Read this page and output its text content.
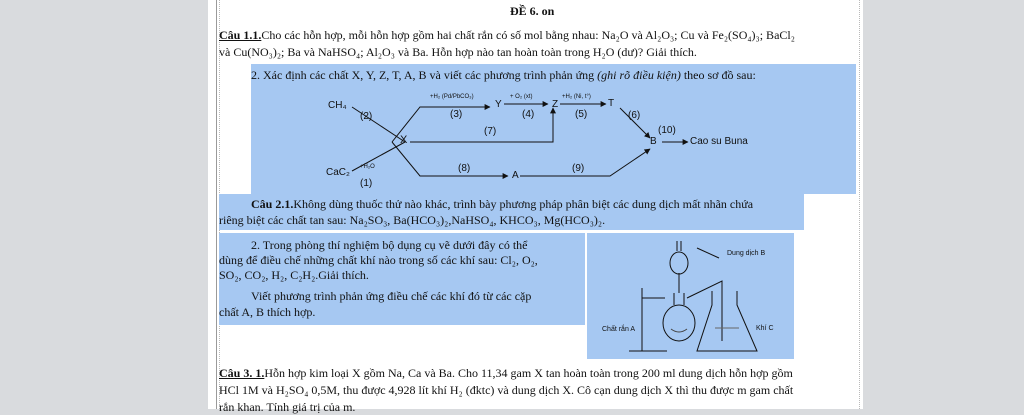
ĐỀ 6. on
Câu 1.1.Cho các hỗn hợp, mỗi hỗn hợp gồm hai chất rắn có số mol bằng nhau: Na₂O và Al₂O₃; Cu và Fe₂(SO₄)₃; BaCl₂
và Cu(NO₃)₂; Ba và NaHSO₄; Al₂O₃ và Ba. Hỗn hợp nào tan hoàn toàn trong H₂O (dư)? Giải thích.
2. Xác định các chất X, Y, Z, T, A, B và viết các phương trình phản ứng (ghi rõ điều kiện) theo sơ đồ sau:
CH₄
(2)
X
CaC₂ +H₂O
(1)
+H₂ (Pd/PbCO₃)
(3)
Y
+ O₂ (xt)
(4)
Z
+H₂ (Ni, t°)
(5)
T
(6)
(7)	(10)
B	Cao su Buna
(8)
A
(9)
Câu 2.1.Không dùng thuốc thử nào khác, trình bày phương pháp phân biệt các dung dịch mất nhãn chứa
riêng biệt các chất tan sau: Na₂SO₃, Ba(HCO₃)₂,NaHSO₄, KHCO₃, Mg(HCO₃)₂.
2. Trong phòng thí nghiệm bộ dụng cụ vẽ dưới đây có thể
dùng để điều chế những chất khí nào trong số các khí sau: Cl₂, O₂,
SO₂, CO₂, H₂, C₂H₂.Giải thích.
Viết phương trình phản ứng điều chế các khí đó từ các cặp
chất A, B thích hợp.
Dung dịch B
Chất rắn A	Khí C
Câu 3. 1.Hỗn hợp kim loại X gồm Na, Ca và Ba. Cho 11,34 gam X tan hoàn toàn trong 200 ml dung dịch hỗn hợp gồm
HCl 1M và H₂SO₄ 0,5M, thu được 4,928 lít khí H₂ (đktc) và dung dịch X. Cô cạn dung dịch X thì thu được m gam chất
rắn khan. Tính giá trị của m.
